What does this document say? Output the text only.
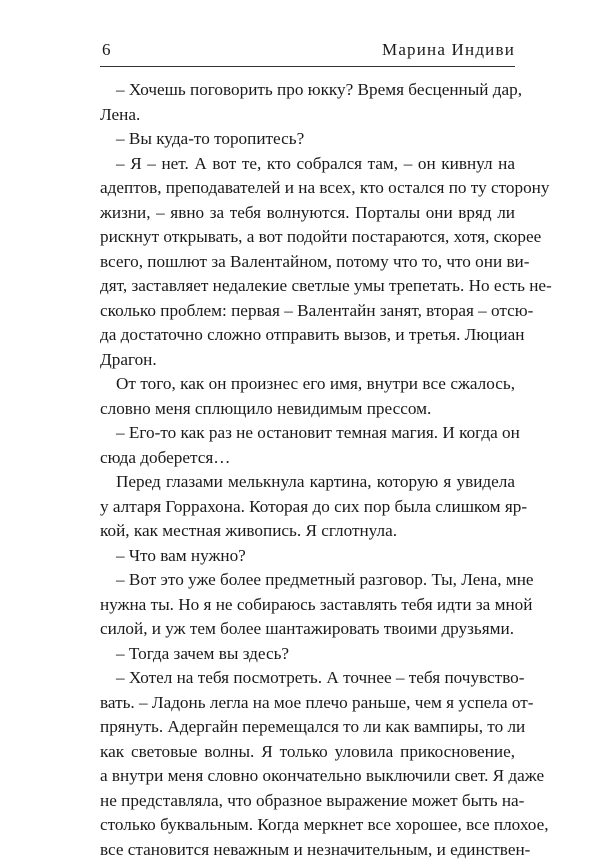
6	Марина Индиви
– Хочешь поговорить про юкку? Время бесценный дар,
Лена.
– Вы куда-то торопитесь?
– Я – нет. А вот те, кто собрался там, – он кивнул на
адептов, преподавателей и на всех, кто остался по ту сторону
жизни, – явно за тебя волнуются. Порталы они вряд ли
рискнут открывать, а вот подойти постараются, хотя, скорее
всего, пошлют за Валентайном, потому что то, что они ви-
дят, заставляет недалекие светлые умы трепетать. Но есть не-
сколько проблем: первая – Валентайн занят, вторая – отсю-
да достаточно сложно отправить вызов, и третья. Люциан
Драгон.
От того, как он произнес его имя, внутри все сжалось,
словно меня сплющило невидимым прессом.
– Его-то как раз не остановит темная магия. И когда он
сюда доберется…
Перед глазами мелькнула картина, которую я увидела
у алтаря Горрахона. Которая до сих пор была слишком яр-
кой, как местная живопись. Я сглотнула.
– Что вам нужно?
– Вот это уже более предметный разговор. Ты, Лена, мне
нужна ты. Но я не собираюсь заставлять тебя идти за мной
силой, и уж тем более шантажировать твоими друзьями.
– Тогда зачем вы здесь?
– Хотел на тебя посмотреть. А точнее – тебя почувство-
вать. – Ладонь легла на мое плечо раньше, чем я успела от-
прянуть. Адергайн перемещался то ли как вампиры, то ли
как световые волны. Я только уловила прикосновение,
а внутри меня словно окончательно выключили свет. Я даже
не представляла, что образное выражение может быть на-
столько буквальным. Когда меркнет все хорошее, все плохое,
все становится неважным и незначительным, и единствен-
